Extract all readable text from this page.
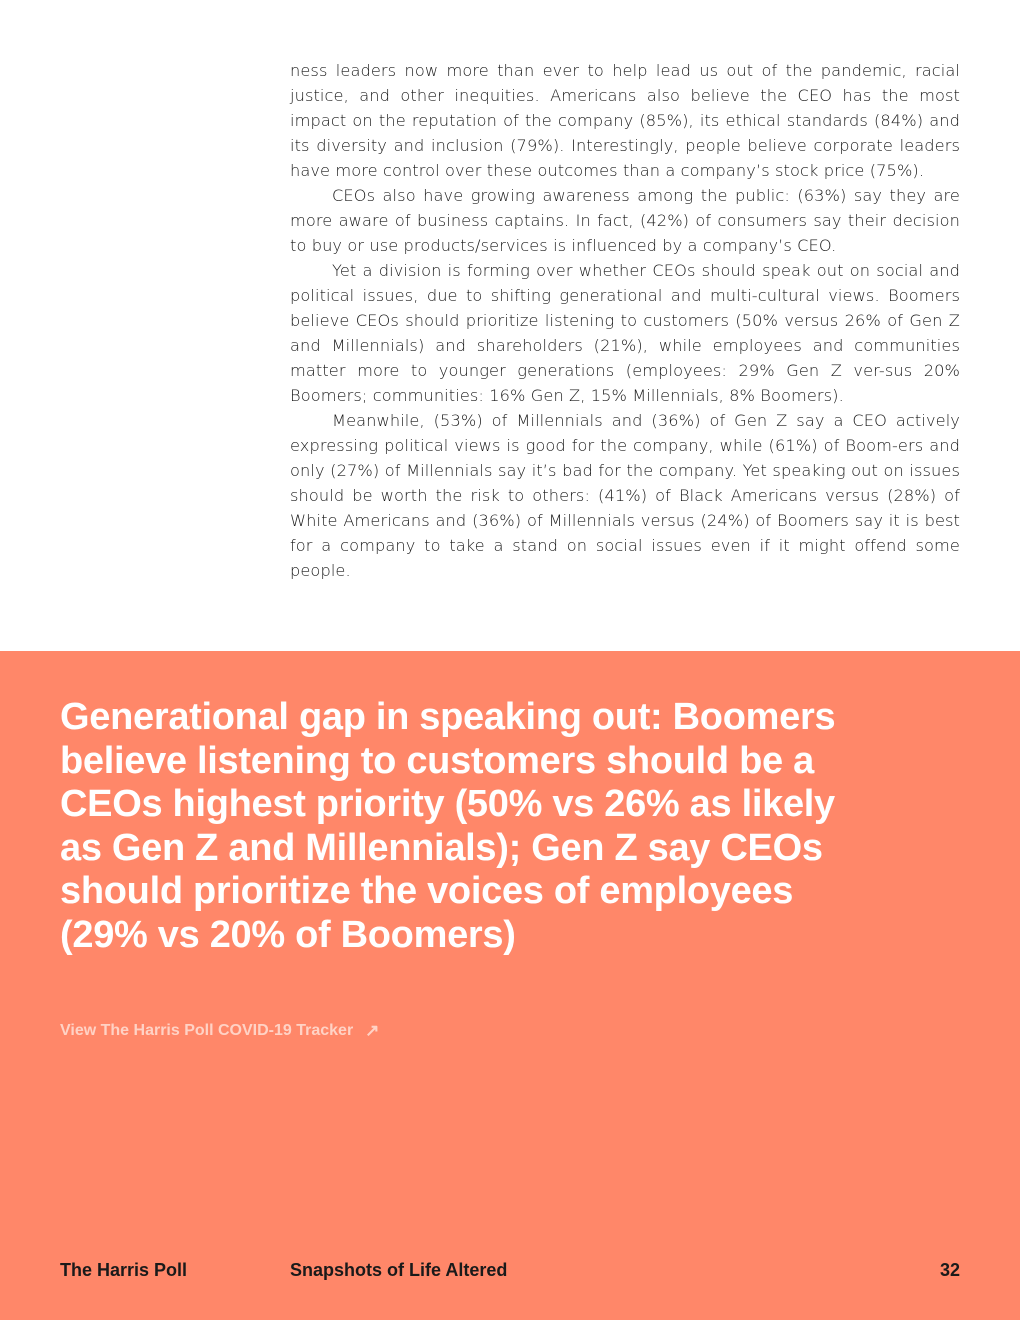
ness leaders now more than ever to help lead us out of the pandemic, racial justice, and other inequities. Americans also believe the CEO has the most impact on the reputation of the company (85%), its ethical standards (84%) and its diversity and inclusion (79%). Interestingly, people believe corporate leaders have more control over these outcomes than a company’s stock price (75%).

CEOs also have growing awareness among the public: (63%) say they are more aware of business captains. In fact, (42%) of consumers say their decision to buy or use products/services is influenced by a company’s CEO.

Yet a division is forming over whether CEOs should speak out on social and political issues, due to shifting generational and multi-cultural views. Boomers believe CEOs should prioritize listening to customers (50% versus 26% of Gen Z and Millennials) and shareholders (21%), while employees and communities matter more to younger generations (employees: 29% Gen Z ver-sus 20% Boomers; communities: 16% Gen Z, 15% Millennials, 8% Boomers).

Meanwhile, (53%) of Millennials and (36%) of Gen Z say a CEO actively expressing political views is good for the company, while (61%) of Boom-ers and only (27%) of Millennials say it’s bad for the company. Yet speaking out on issues should be worth the risk to others: (41%) of Black Americans versus (28%) of White Americans and (36%) of Millennials versus (24%) of Boomers say it is best for a company to take a stand on social issues even if it might offend some people.

Generational gap in speaking out: Boomers believe listening to customers should be a CEOs highest priority (50% vs 26% as likely as Gen Z and Millennials); Gen Z say CEOs should prioritize the voices of employees (29% vs 20% of Boomers)
View The Harris Poll COVID-19 Tracker ↗
The Harris Poll	Snapshots of Life Altered	32
